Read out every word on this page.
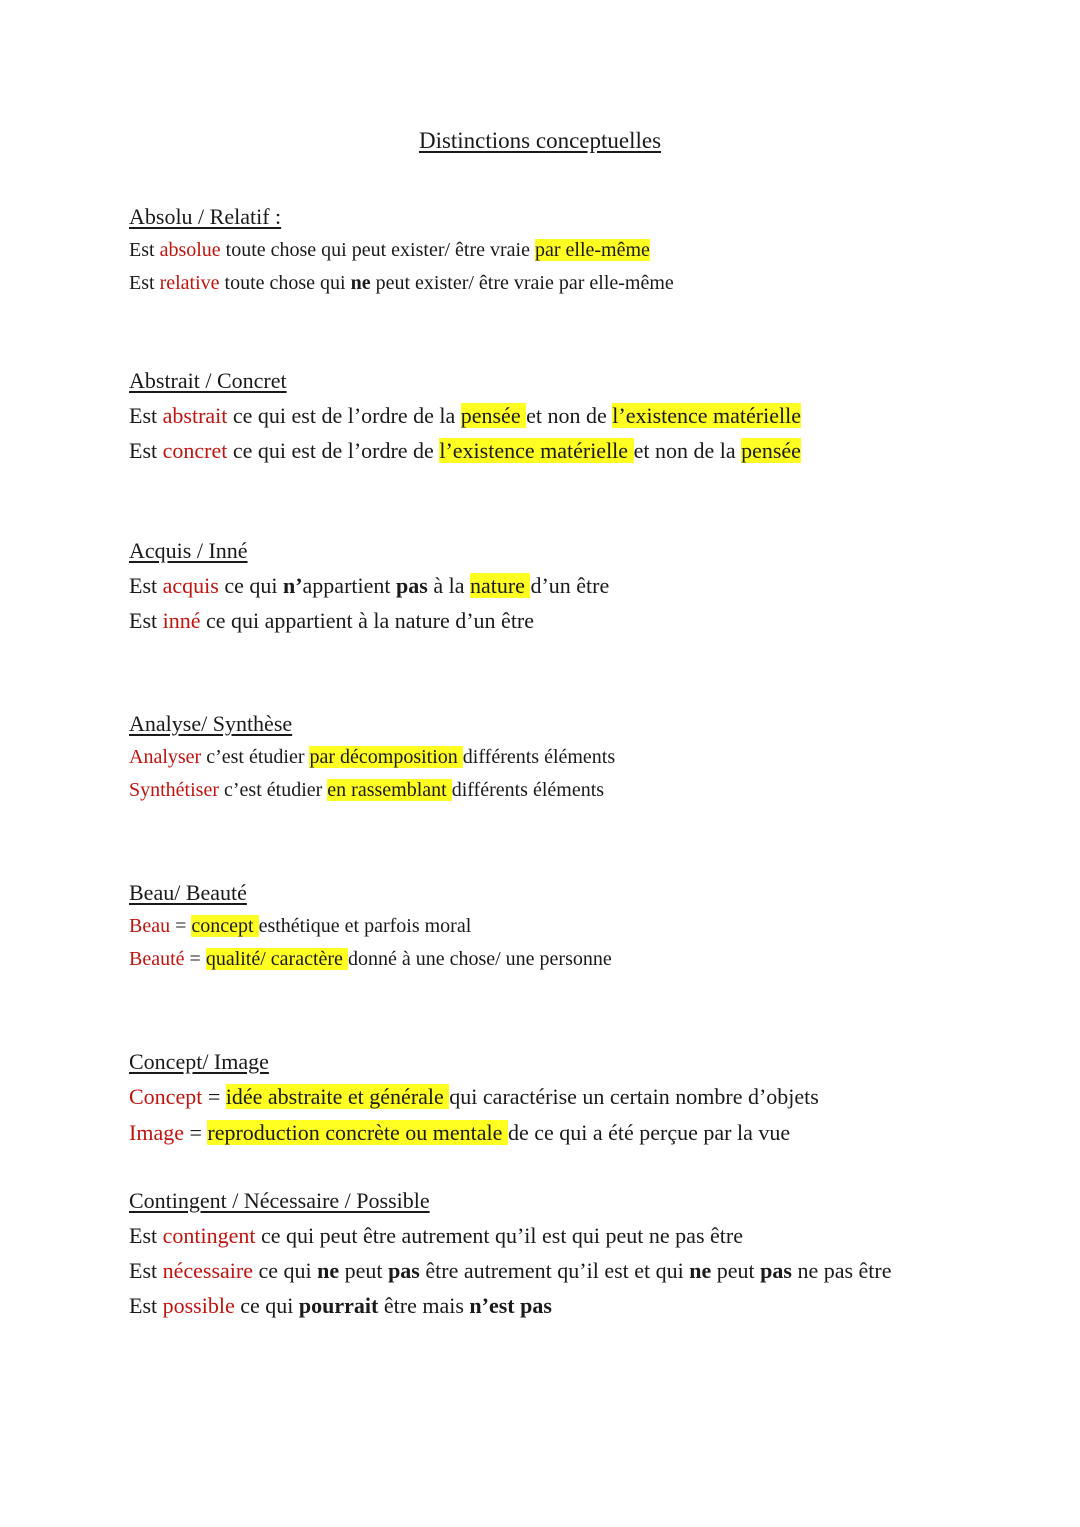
Distinctions conceptuelles
Absolu / Relatif :
Est absolue toute chose qui peut exister/ être vraie par elle-même
Est relative toute chose qui ne peut exister/ être vraie par elle-même
Abstrait / Concret
Est abstrait ce qui est de l’ordre de la pensée et non de l’existence matérielle
Est concret ce qui est de l’ordre de l’existence matérielle et non de la pensée
Acquis / Inné
Est acquis ce qui n’appartient pas à la nature d’un être
Est inné ce qui appartient à la nature d’un être
Analyse/ Synthèse
Analyser c’est étudier par décomposition différents éléments
Synthétiser c’est étudier en rassemblant différents éléments
Beau/ Beauté
Beau = concept esthétique et parfois moral
Beauté = qualité/ caractère donné à une chose/ une personne
Concept/ Image
Concept = idée abstraite et générale qui caractérise un certain nombre d’objets
Image = reproduction concrète ou mentale de ce qui a été perçue par la vue
Contingent / Nécessaire / Possible
Est contingent ce qui peut être autrement qu’il est qui peut ne pas être
Est nécessaire ce qui ne peut pas être autrement qu’il est et qui ne peut pas ne pas être
Est possible ce qui pourrait être mais n’est pas
